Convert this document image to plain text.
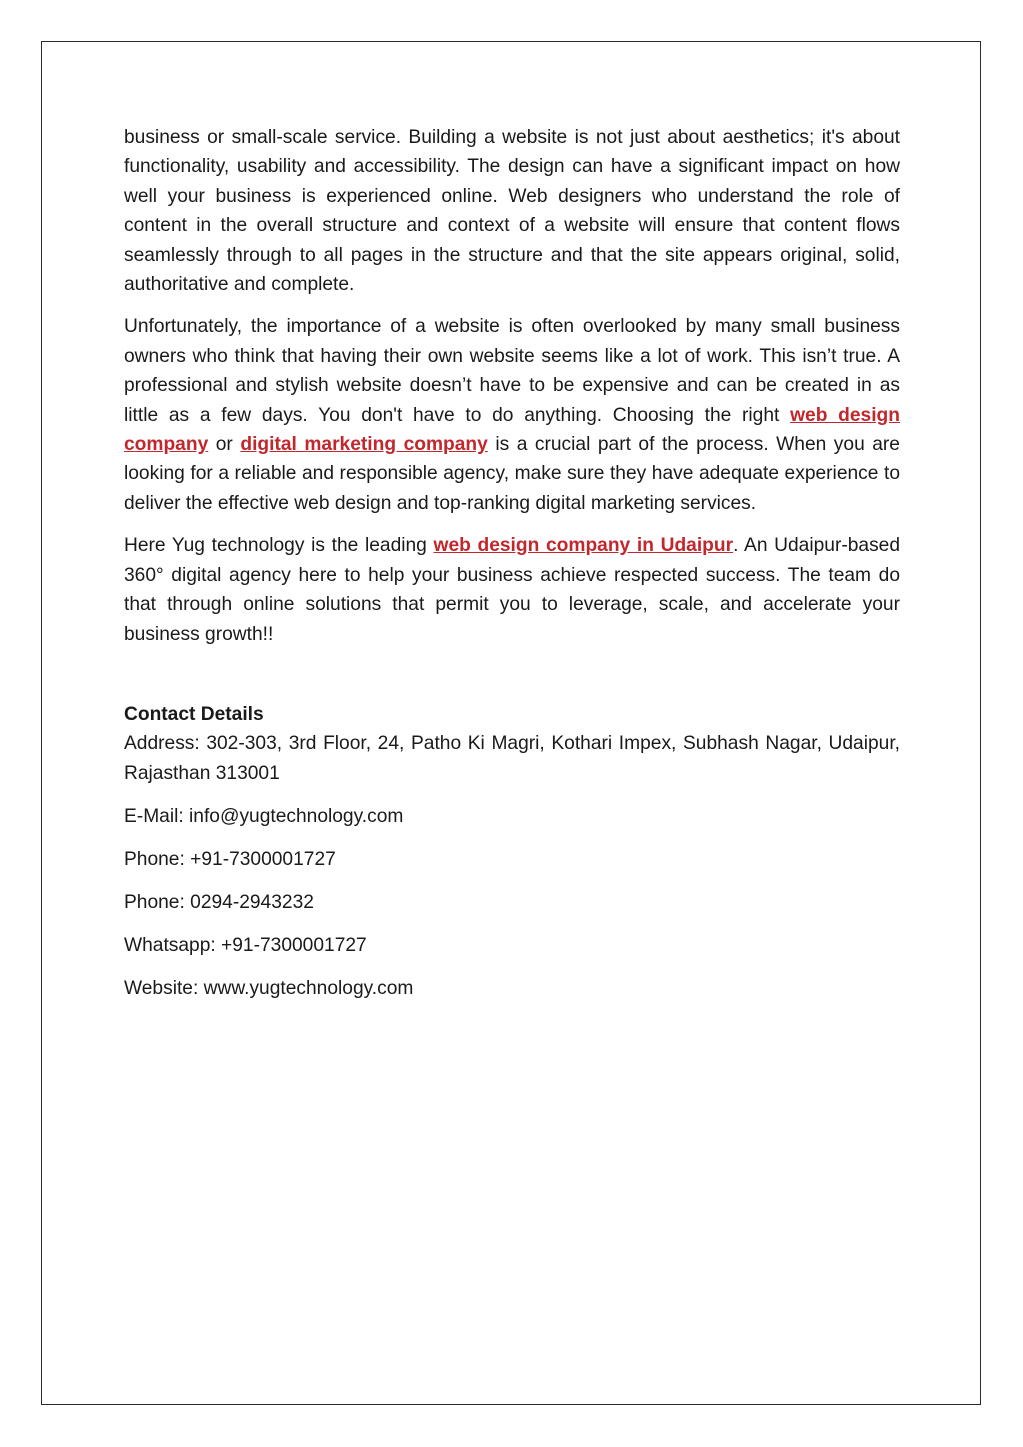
business or small-scale service. Building a website is not just about aesthetics; it's about functionality, usability and accessibility. The design can have a significant impact on how well your business is experienced online. Web designers who understand the role of content in the overall structure and context of a website will ensure that content flows seamlessly through to all pages in the structure and that the site appears original, solid, authoritative and complete.

Unfortunately, the importance of a website is often overlooked by many small business owners who think that having their own website seems like a lot of work. This isn’t true. A professional and stylish website doesn’t have to be expensive and can be created in as little as a few days. You don't have to do anything. Choosing the right web design company or digital marketing company is a crucial part of the process. When you are looking for a reliable and responsible agency, make sure they have adequate experience to deliver the effective web design and top-ranking digital marketing services.

Here Yug technology is the leading web design company in Udaipur. An Udaipur-based 360° digital agency here to help your business achieve respected success. The team do that through online solutions that permit you to leverage, scale, and accelerate your business growth!!

Contact Details

Address: 302-303, 3rd Floor, 24, Patho Ki Magri, Kothari Impex, Subhash Nagar, Udaipur, Rajasthan 313001

E-Mail: info@yugtechnology.com

Phone: +91-7300001727

Phone: 0294-2943232

Whatsapp: +91-7300001727

Website: www.yugtechnology.com
